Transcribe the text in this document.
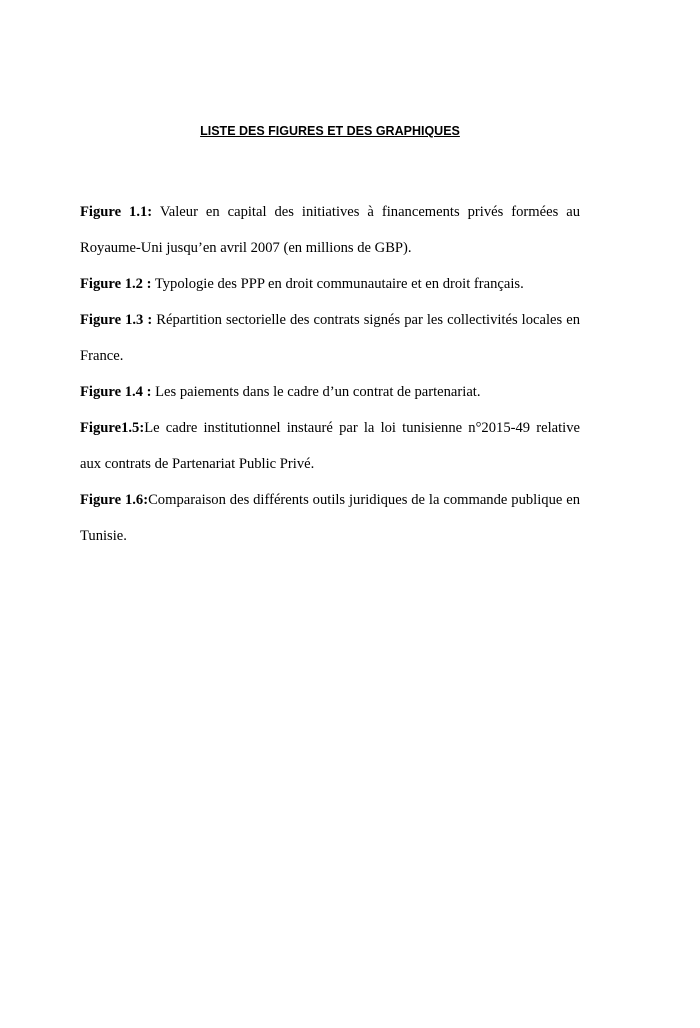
LISTE DES FIGURES ET DES GRAPHIQUES

Figure 1.1: Valeur en capital des initiatives à financements privés formées au Royaume-Uni jusqu’en avril 2007 (en millions de GBP).

Figure 1.2 : Typologie des PPP en droit communautaire et en droit français.

Figure 1.3 : Répartition sectorielle des contrats signés par les collectivités locales en France.

Figure 1.4 : Les paiements dans le cadre d’un contrat de partenariat.

Figure1.5:Le cadre institutionnel instauré par la loi tunisienne n°2015-49 relative aux contrats de Partenariat Public Privé.

Figure 1.6:Comparaison des différents outils juridiques de la commande publique en Tunisie.
